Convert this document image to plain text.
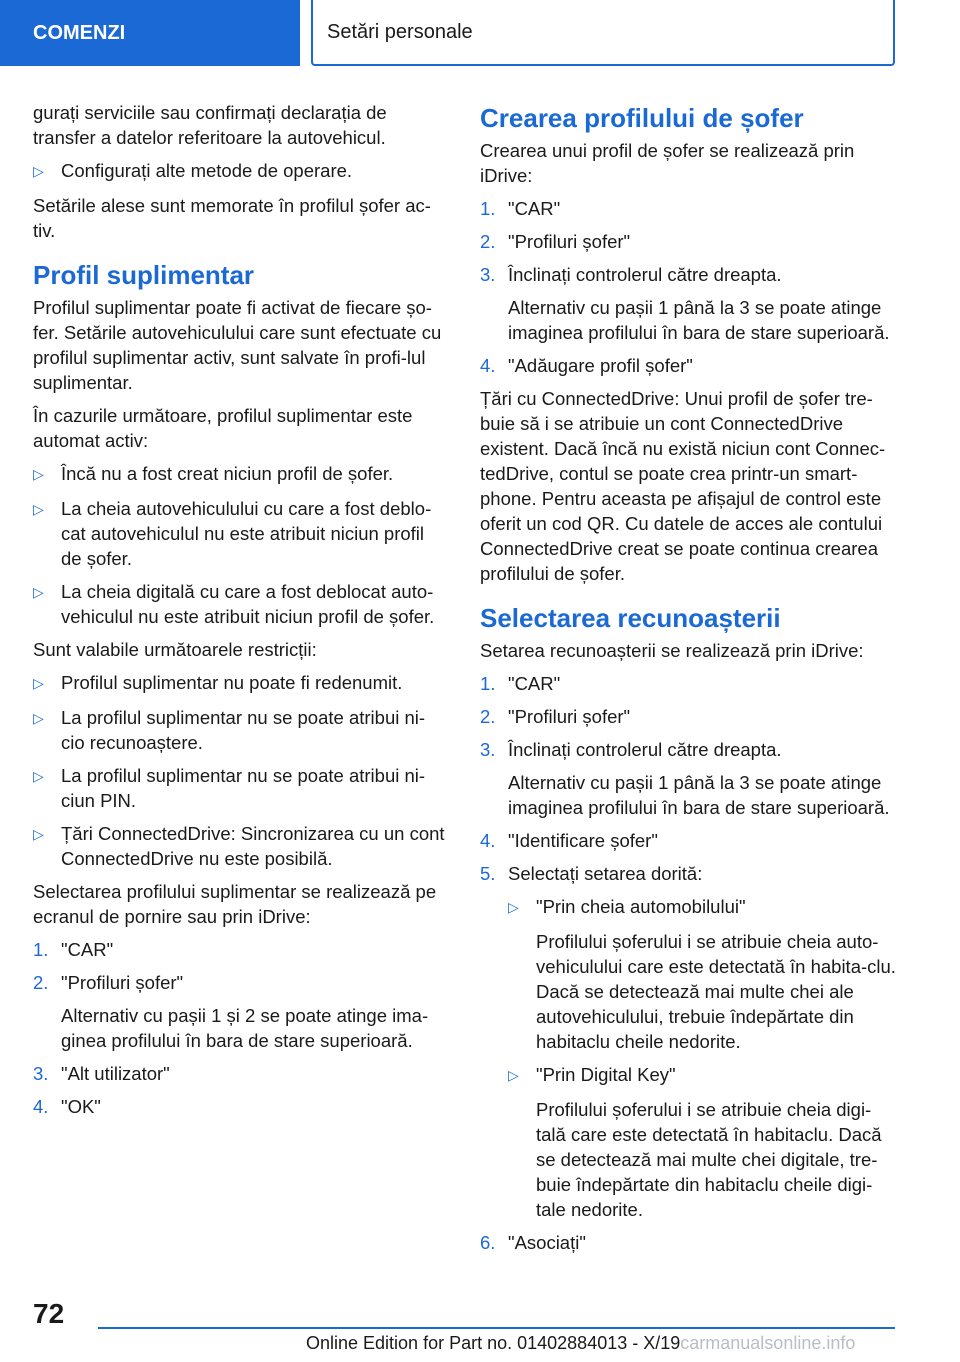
COMENZI	Setări personale

gurați serviciile sau confirmați declarația de transfer a datelor referitoare la autovehicul.

▷ Configurați alte metode de operare.

Setările alese sunt memorate în profilul șofer ac-tiv.

Profil suplimentar

Profilul suplimentar poate fi activat de fiecare șo-fer. Setările autovehiculului care sunt efectuate cu profilul suplimentar activ, sunt salvate în profi-lul suplimentar.

În cazurile următoare, profilul suplimentar este automat activ:

▷ Încă nu a fost creat niciun profil de șofer.
▷ La cheia autovehiculului cu care a fost deblo-cat autovehiculul nu este atribuit niciun profil de șofer.
▷ La cheia digitală cu care a fost deblocat auto-vehiculul nu este atribuit niciun profil de șofer.

Sunt valabile următoarele restricții:

▷ Profilul suplimentar nu poate fi redenumit.
▷ La profilul suplimentar nu se poate atribui ni-cio recunoaștere.
▷ La profilul suplimentar nu se poate atribui ni-ciun PIN.
▷ Țări ConnectedDrive: Sincronizarea cu un cont ConnectedDrive nu este posibilă.

Selectarea profilului suplimentar se realizează pe ecranul de pornire sau prin iDrive:

1. "CAR"
2. "Profiluri șofer"

Alternativ cu pașii 1 și 2 se poate atinge ima-ginea profilului în bara de stare superioară.

3. "Alt utilizator"
4. "OK"
Crearea profilului de șofer

Crearea unui profil de șofer se realizează prin iDrive:

1. "CAR"
2. "Profiluri șofer"
3. Înclinați controlerul către dreapta.

Alternativ cu pașii 1 până la 3 se poate atinge imaginea profilului în bara de stare superioară.

4. "Adăugare profil șofer"

Țări cu ConnectedDrive: Unui profil de șofer tre-buie să i se atribuie un cont ConnectedDrive existent. Dacă încă nu există niciun cont Connec-tedDrive, contul se poate crea printr-un smart-phone. Pentru aceasta pe afișajul de control este oferit un cod QR. Cu datele de acces ale contului ConnectedDrive creat se poate continua crearea profilului de șofer.

Selectarea recunoașterii

Setarea recunoașterii se realizează prin iDrive:

1. "CAR"
2. "Profiluri șofer"
3. Înclinați controlerul către dreapta.

Alternativ cu pașii 1 până la 3 se poate atinge imaginea profilului în bara de stare superioară.

4. "Identificare șofer"
5. Selectați setarea dorită:
▷ "Prin cheia automobilului"

Profilului șoferului i se atribuie cheia auto-vehiculului care este detectată în habita-clu. Dacă se detectează mai multe chei ale autovehiculului, trebuie îndepărtate din habitaclu cheile nedorite.

▷ "Prin Digital Key"

Profilului șoferului i se atribuie cheia digi-tală care este detectată în habitaclu. Dacă se detectează mai multe chei digitale, tre-buie îndepărtate din habitaclu cheile digi-tale nedorite.

6. "Asociați"
72
Online Edition for Part no. 01402884013 - X/19carmanualsonline.info
